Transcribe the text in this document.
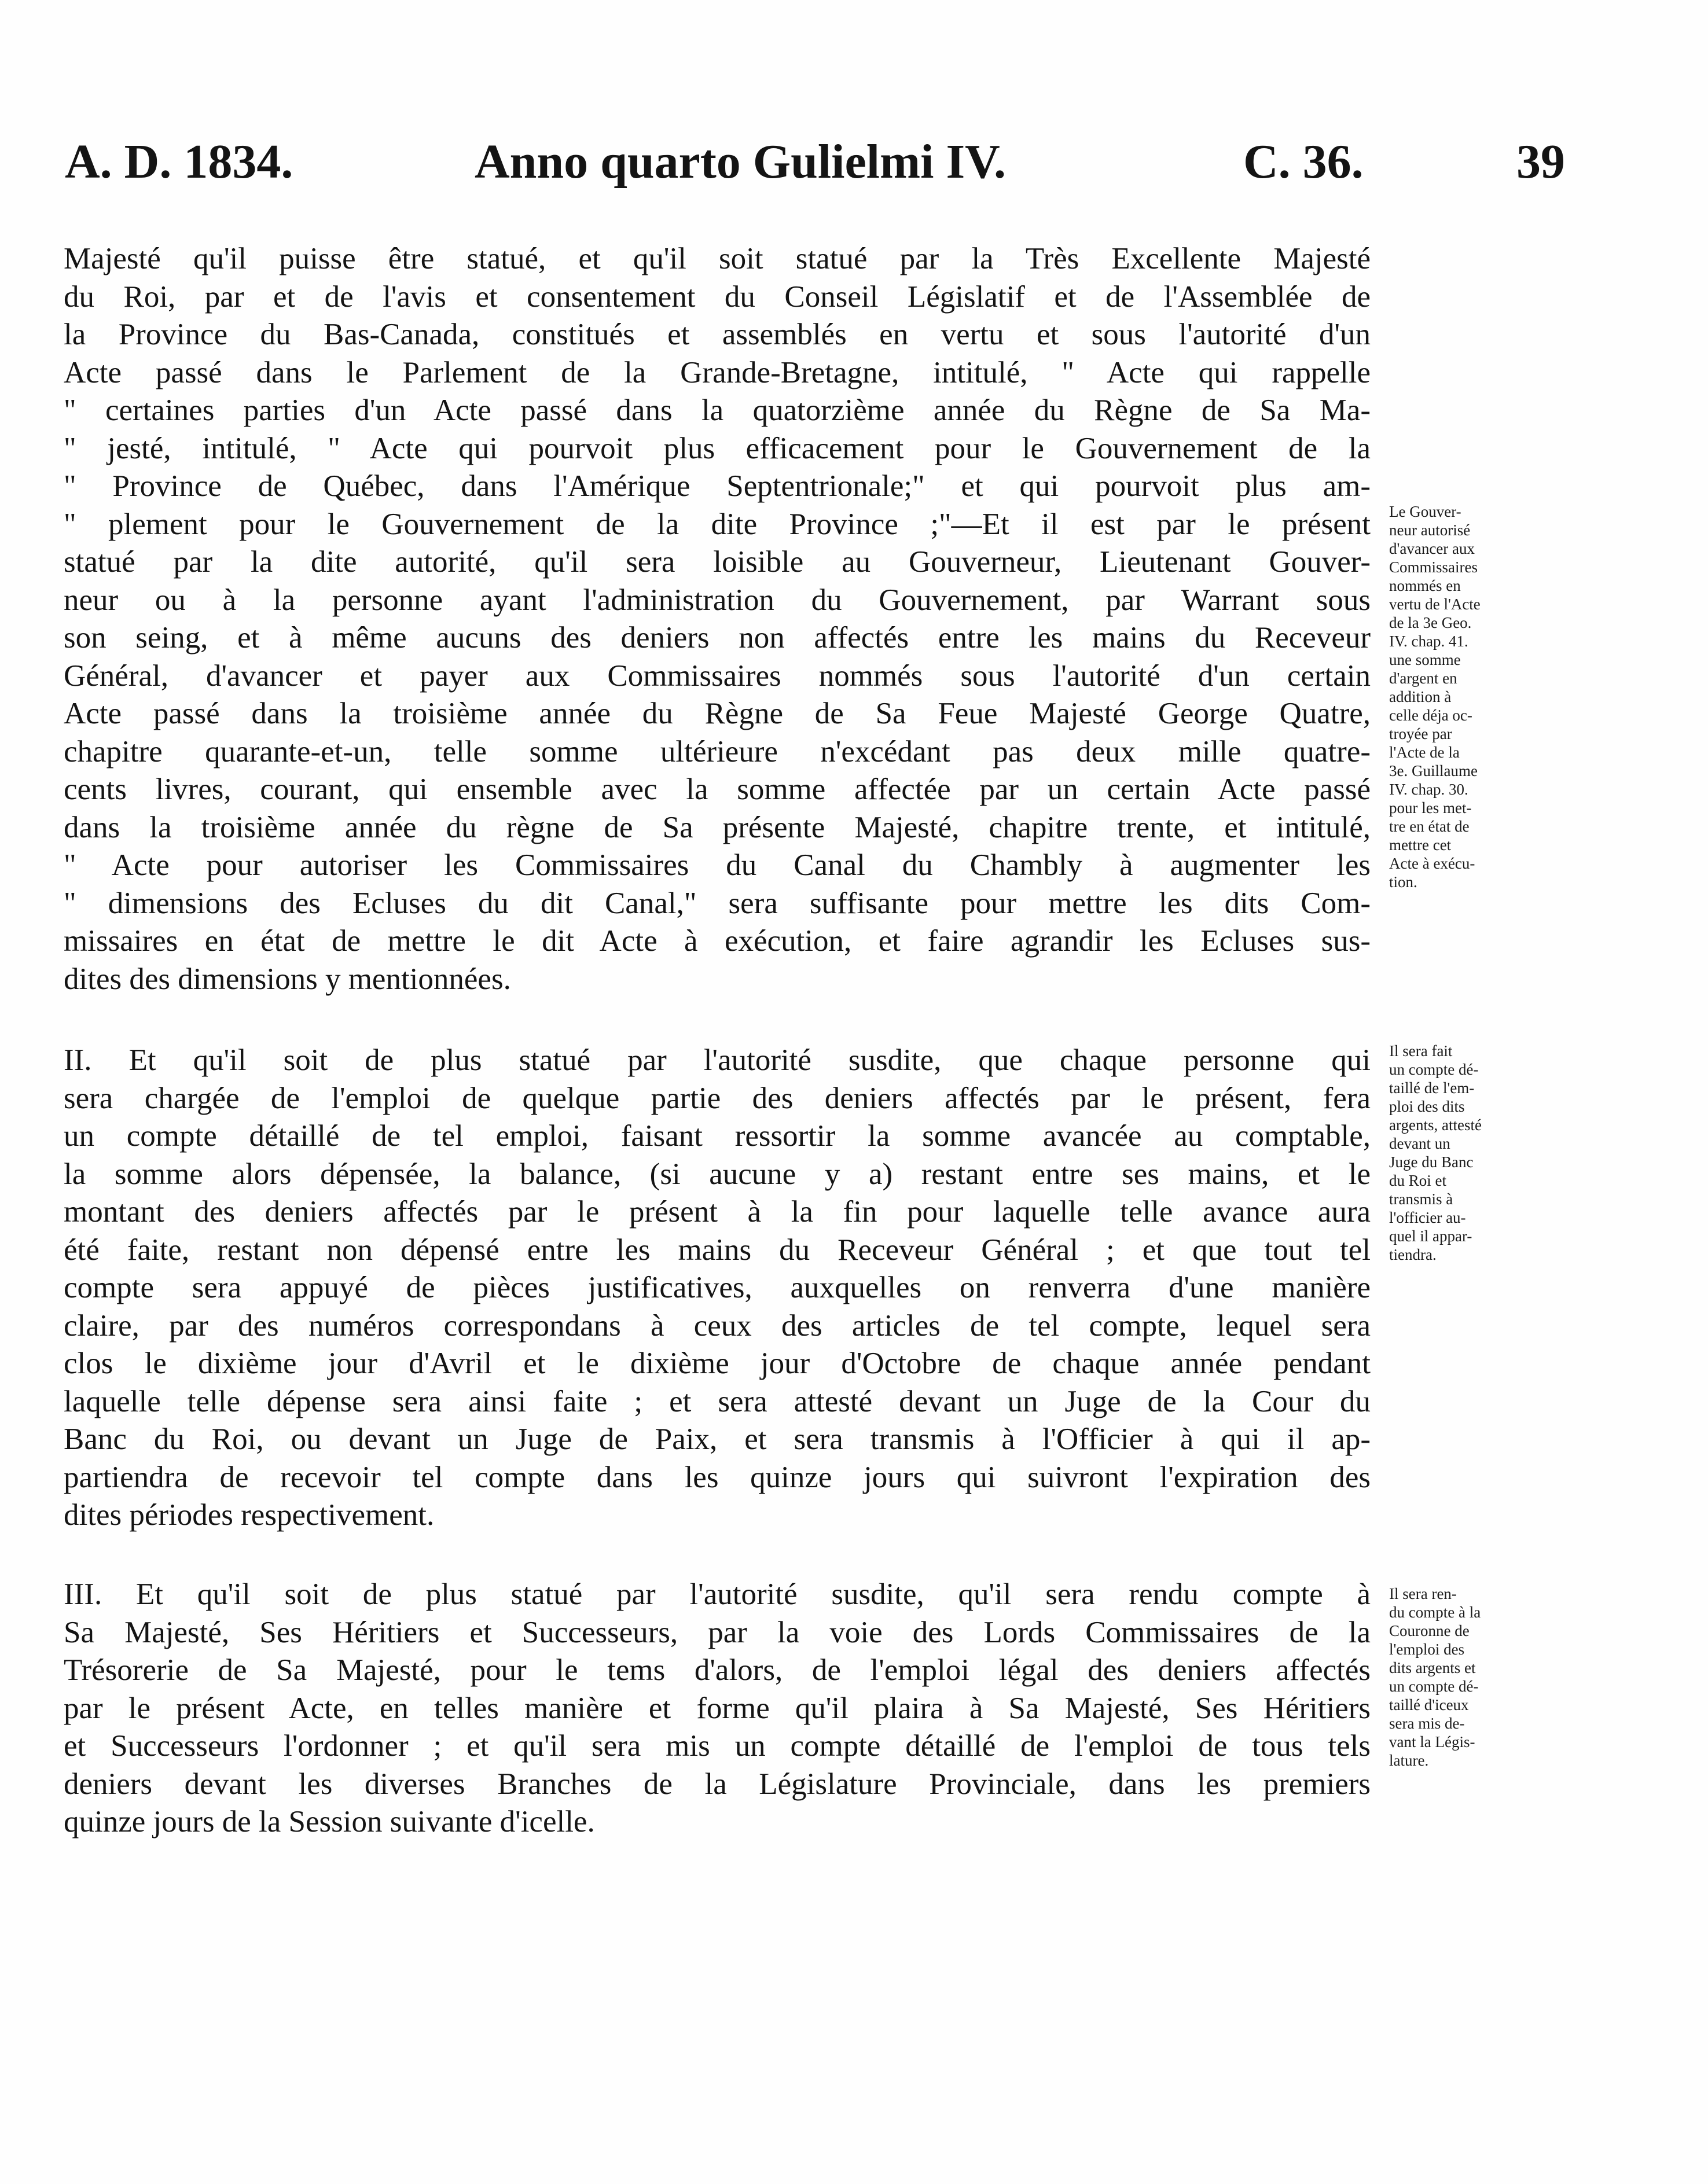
A. D. 1834.	Anno quarto Gulielmi IV.	C. 36.	39
Majesté qu'il puisse être statué, et qu'il soit statué par la Très Excellente Majesté
du Roi, par et de l'avis et consentement du Conseil Législatif et de l'Assemblée de
la Province du Bas-Canada, constitués et assemblés en vertu et sous l'autorité d'un
Acte passé dans le Parlement de la Grande-Bretagne, intitulé, " Acte qui rappelle
" certaines parties d'un Acte passé dans la quatorzième année du Règne de Sa Ma-
" jesté, intitulé, " Acte qui pourvoit plus efficacement pour le Gouvernement de la
" Province de Québec, dans l'Amérique Septentrionale;" et qui pourvoit plus am-
" plement pour le Gouvernement de la dite Province ;"—Et il est par le présent
statué par la dite autorité, qu'il sera loisible au Gouverneur, Lieutenant Gouver-
neur ou à la personne ayant l'administration du Gouvernement, par Warrant sous
son seing, et à même aucuns des deniers non affectés entre les mains du Receveur
Général, d'avancer et payer aux Commissaires nommés sous l'autorité d'un certain
Acte passé dans la troisième année du Règne de Sa Feue Majesté George Quatre,
chapitre quarante-et-un, telle somme ultérieure n'excédant pas deux mille quatre-
cents livres, courant, qui ensemble avec la somme affectée par un certain Acte passé
dans la troisième année du règne de Sa présente Majesté, chapitre trente, et intitulé,
" Acte pour autoriser les Commissaires du Canal du Chambly à augmenter les
" dimensions des Ecluses du dit Canal," sera suffisante pour mettre les dits Com-
missaires en état de mettre le dit Acte à exécution, et faire agrandir les Ecluses sus-
dites des dimensions y mentionnées.
II. Et qu'il soit de plus statué par l'autorité susdite, que chaque personne qui
sera chargée de l'emploi de quelque partie des deniers affectés par le présent, fera
un compte détaillé de tel emploi, faisant ressortir la somme avancée au comptable,
la somme alors dépensée, la balance, (si aucune y a) restant entre ses mains, et le
montant des deniers affectés par le présent à la fin pour laquelle telle avance aura
été faite, restant non dépensé entre les mains du Receveur Général ; et que tout tel
compte sera appuyé de pièces justificatives, auxquelles on renverra d'une manière
claire, par des numéros correspondans à ceux des articles de tel compte, lequel sera
clos le dixième jour d'Avril et le dixième jour d'Octobre de chaque année pendant
laquelle telle dépense sera ainsi faite ; et sera attesté devant un Juge de la Cour du
Banc du Roi, ou devant un Juge de Paix, et sera transmis à l'Officier à qui il ap-
partiendra de recevoir tel compte dans les quinze jours qui suivront l'expiration des
dites périodes respectivement.
III. Et qu'il soit de plus statué par l'autorité susdite, qu'il sera rendu compte à
Sa Majesté, Ses Héritiers et Successeurs, par la voie des Lords Commissaires de la
Trésorerie de Sa Majesté, pour le tems d'alors, de l'emploi légal des deniers affectés
par le présent Acte, en telles manière et forme qu'il plaira à Sa Majesté, Ses Héritiers
et Successeurs l'ordonner ; et qu'il sera mis un compte détaillé de l'emploi de tous tels
deniers devant les diverses Branches de la Législature Provinciale, dans les premiers
quinze jours de la Session suivante d'icelle.
Le Gouver-
neur autorisé
d'avancer aux
Commissaires
nommés en
vertu de l'Acte
de la 3e Geo.
IV. chap. 41.
une somme
d'argent en
addition à
celle déja oc-
troyée par
l'Acte de la
3e. Guillaume
IV. chap. 30.
pour les met-
tre en état de
mettre cet
Acte à exécu-
tion.
Il sera fait
un compte dé-
taillé de l'em-
ploi des dits
argents, attesté
devant un
Juge du Banc
du Roi et
transmis à
l'officier au-
quel il appar-
tiendra.
Il sera ren-
du compte à la
Couronne de
l'emploi des
dits argents et
un compte dé-
taillé d'iceux
sera mis de-
vant la Légis-
lature.
